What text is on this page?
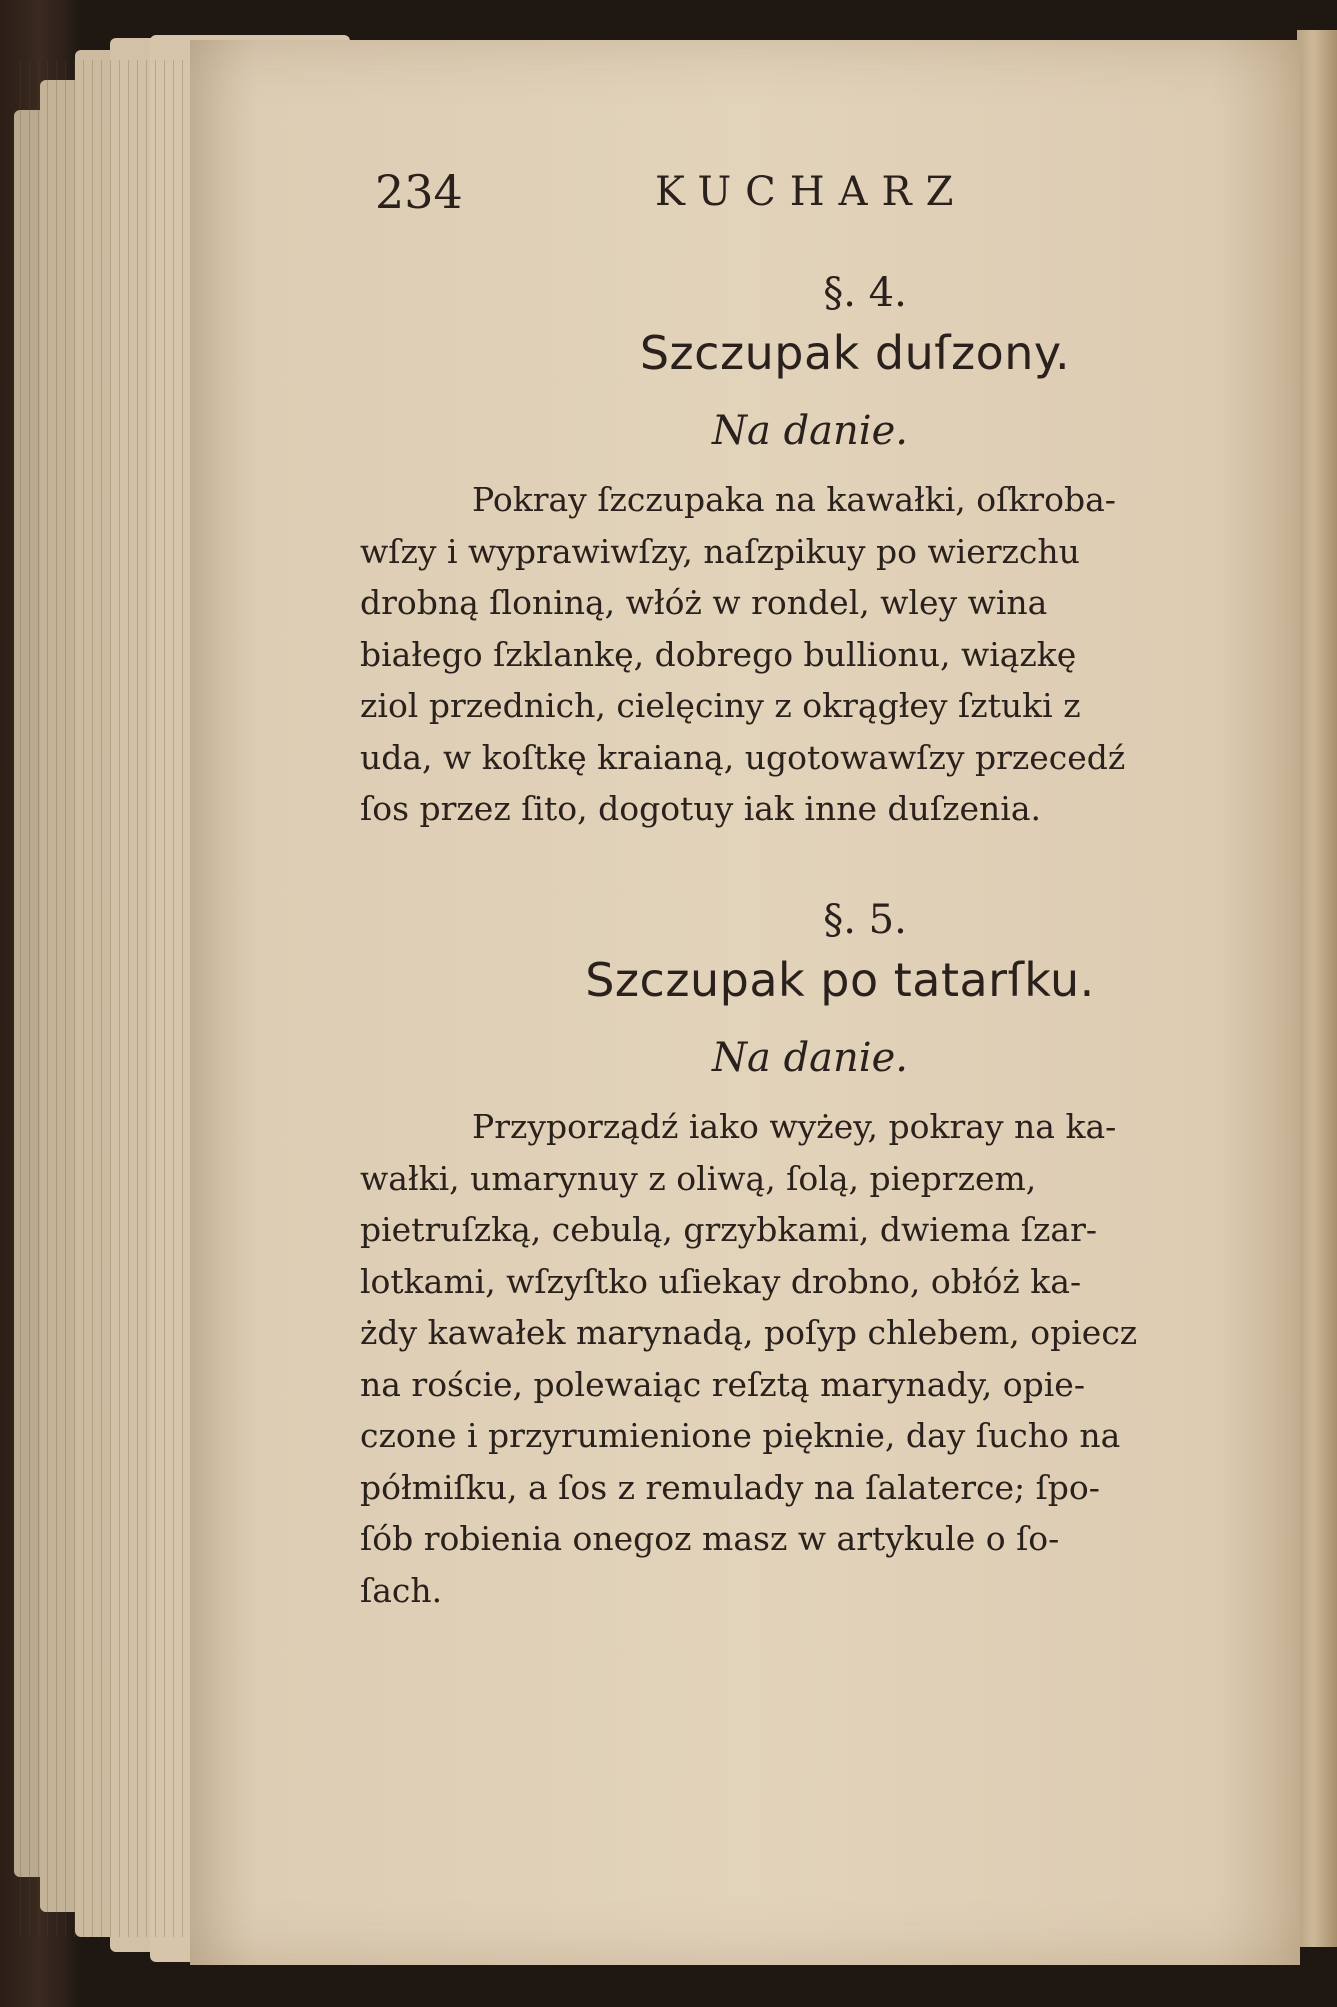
234	KUCHARZ
§. 4.
Szczupak duſzony.
Na danie.

Pokray ſzczupaka na kawałki, oſkroba-

wſzy i wyprawiwſzy, naſzpikuy po wierzchu

drobną ſloniną, włóż w rondel, wley wina

białego ſzklankę, dobrego bullionu, wiązkę

ziol przednich, cielęciny z okrągłey ſztuki z

uda, w koſtkę kraianą, ugotowawſzy przecedź

ſos przez ſito, dogotuy iak inne duſzenia.

§. 5.
Szczupak po tatarſku.
Na danie.

Przyporządź iako wyżey, pokray na ka-

wałki, umarynuy z oliwą, ſolą, pieprzem,

pietruſzką, cebulą, grzybkami, dwiema ſzar-

lotkami, wſzyſtko uſiekay drobno, obłóż ka-

żdy kawałek marynadą, poſyp chlebem, opiecz

na roście, polewaiąc reſztą marynady, opie-

czone i przyrumienione pięknie, day ſucho na

półmiſku, a ſos z remulady na ſalaterce; ſpo-

ſób robienia onegoz masz w artykule o ſo-

ſach.
